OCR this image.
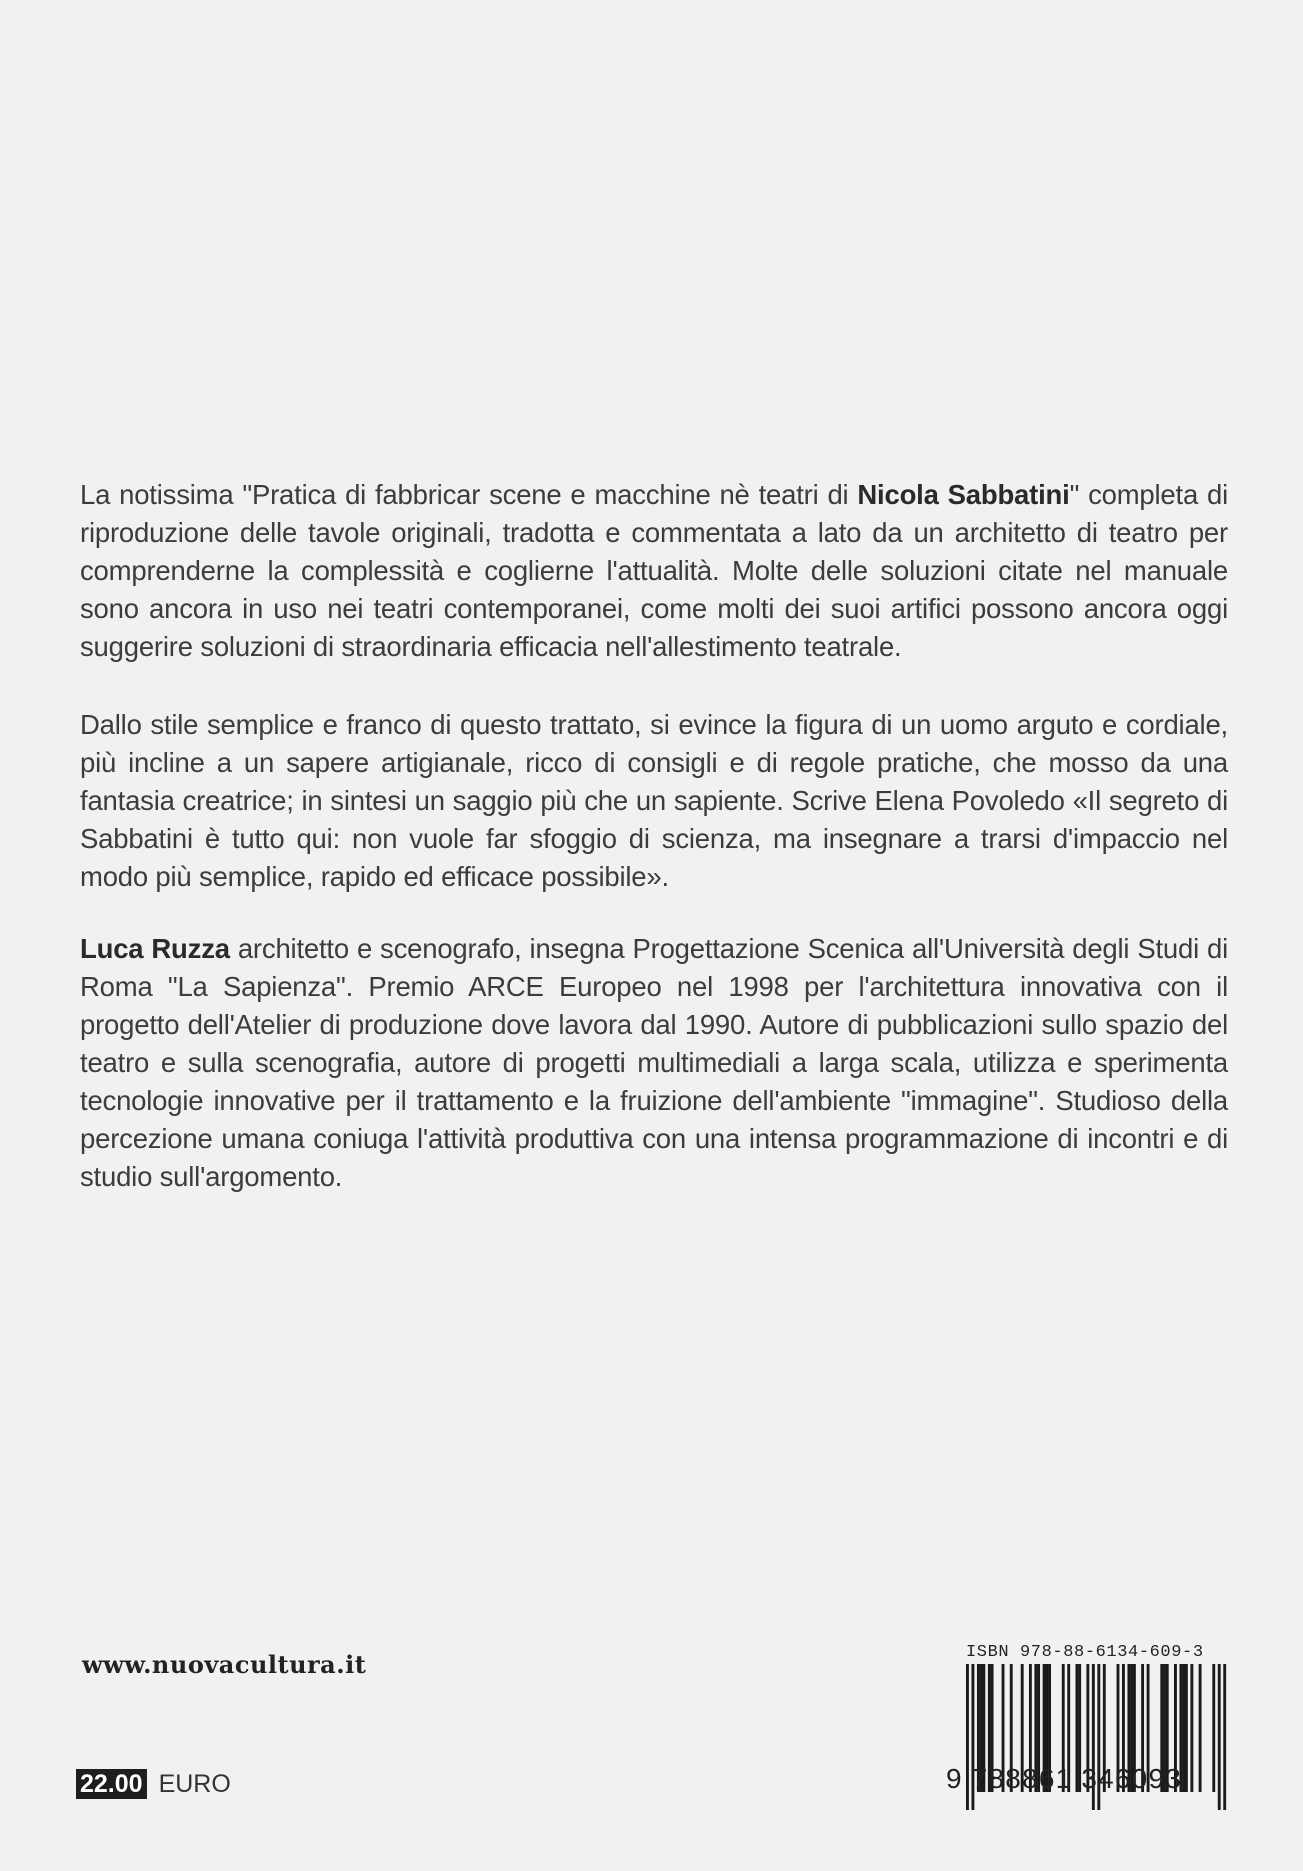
La notissima "Pratica di fabbricar scene e macchine nè teatri di Nicola Sabbatini" completa di riproduzione delle tavole originali, tradotta e commentata a lato da un architetto di teatro per comprenderne la complessità e coglierne l'attualità. Molte delle soluzioni citate nel manuale sono ancora in uso nei teatri contemporanei, come molti dei suoi artifici possono ancora oggi suggerire soluzioni di straordinaria efficacia nell'allestimento teatrale.

Dallo stile semplice e franco di questo trattato, si evince la figura di un uomo arguto e cordiale, più incline a un sapere artigianale, ricco di consigli e di regole pratiche, che mosso da una fantasia creatrice; in sintesi un saggio più che un sapiente. Scrive Elena Povoledo «Il segreto di Sabbatini è tutto qui: non vuole far sfoggio di scienza, ma insegnare a trarsi d'impaccio nel modo più semplice, rapido ed efficace possibile».

Luca Ruzza architetto e scenografo, insegna Progettazione Scenica all'Università degli Studi di Roma "La Sapienza". Premio ARCE Europeo nel 1998 per l'architettura innovativa con il progetto dell'Atelier di produzione dove lavora dal 1990. Autore di pubblicazioni sullo spazio del teatro e sulla scenografia, autore di progetti multimediali a larga scala, utilizza e sperimenta tecnologie innovative per il trattamento e la fruizione dell'ambiente "immagine". Studioso della percezione umana coniuga l'attività produttiva con una intensa programmazione di incontri e di studio sull'argomento.

www.nuovacultura.it
22.00 EURO
ISBN 978-88-6134-609-3
9 788861 346093
